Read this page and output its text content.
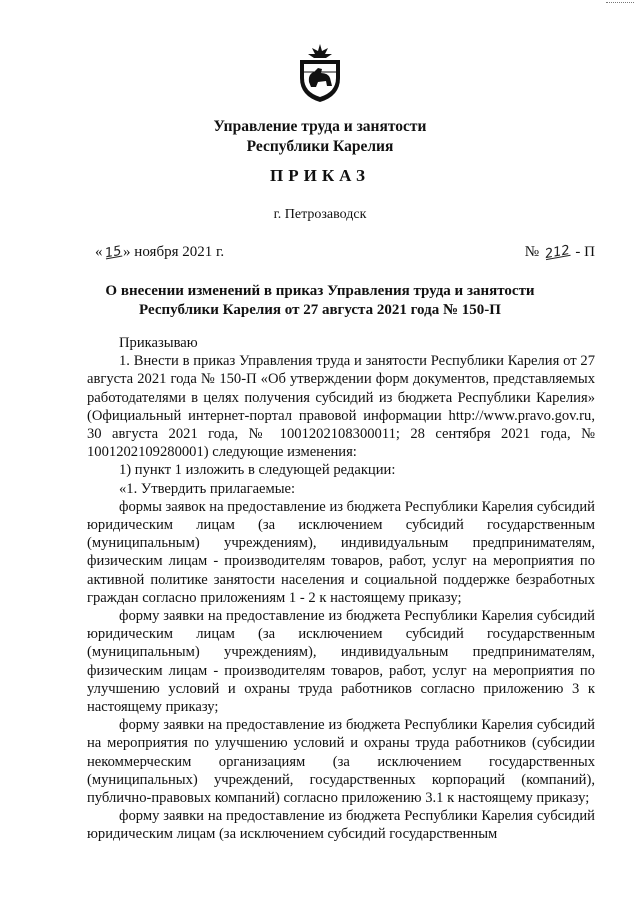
Управление труда и занятости
Республики Карелия
ПРИКАЗ
г. Петрозаводск
«15» ноября 2021 г.	№ 212 - П
О внесении изменений в приказ Управления труда и занятости
Республики Карелия от 27 августа 2021 года № 150-П

Приказываю

1. Внести в приказ Управления труда и занятости Республики Карелия от 27 августа 2021 года № 150-П «Об утверждении форм документов, представляемых работодателями в целях получения субсидий из бюджета Республики Карелия» (Официальный интернет-портал правовой информации http://www.pravo.gov.ru, 30 августа 2021 года, № 1001202108300011; 28 сентября 2021 года, № 1001202109280001) следующие изменения:

1) пункт 1 изложить в следующей редакции:

«1. Утвердить прилагаемые:

формы заявок на предоставление из бюджета Республики Карелия субсидий юридическим лицам (за исключением субсидий государственным (муниципальным) учреждениям), индивидуальным предпринимателям, физическим лицам - производителям товаров, работ, услуг на мероприятия по активной политике занятости населения и социальной поддержке безработных граждан согласно приложениям 1 - 2 к настоящему приказу;

форму заявки на предоставление из бюджета Республики Карелия субсидий юридическим лицам (за исключением субсидий государственным (муниципальным) учреждениям), индивидуальным предпринимателям, физическим лицам - производителям товаров, работ, услуг на мероприятия по улучшению условий и охраны труда работников согласно приложению 3 к настоящему приказу;

форму заявки на предоставление из бюджета Республики Карелия субсидий на мероприятия по улучшению условий и охраны труда работников (субсидии некоммерческим организациям (за исключением государственных (муниципальных) учреждений, государственных корпораций (компаний), публично-правовых компаний) согласно приложению 3.1 к настоящему приказу;

форму заявки на предоставление из бюджета Республики Карелия субсидий юридическим лицам (за исключением субсидий государственным
